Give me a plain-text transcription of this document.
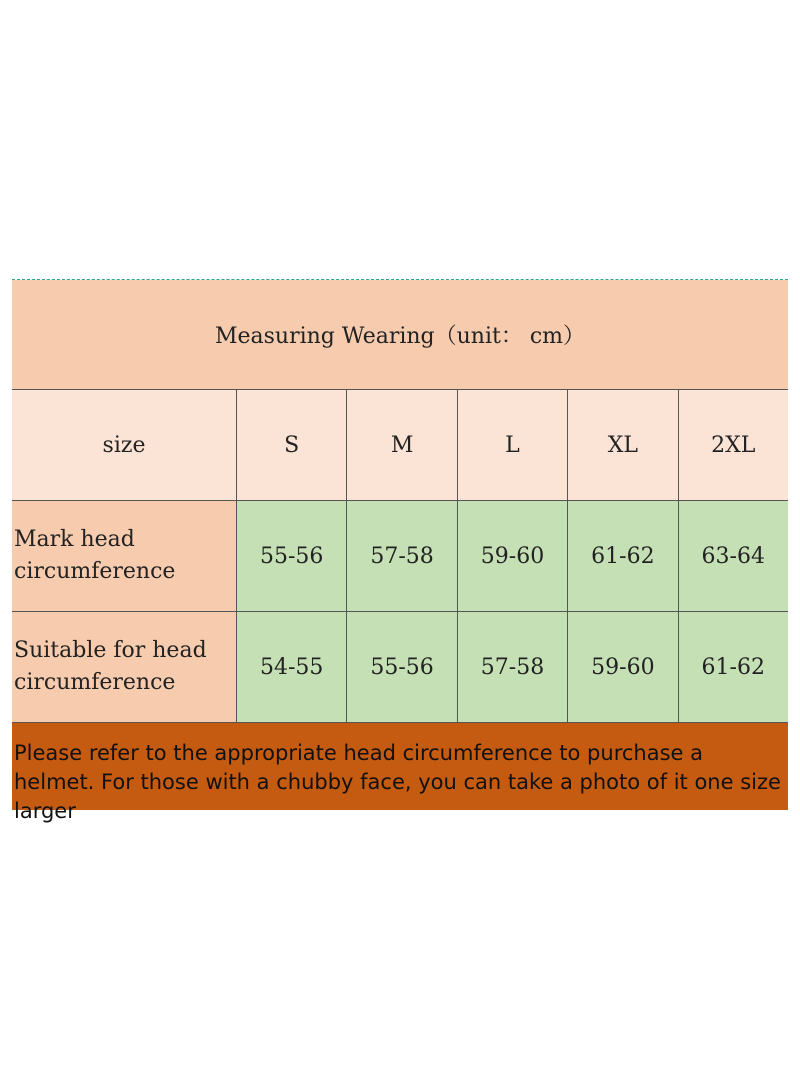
Measuring Wearing（unit： cm）
size	S	M	L	XL	2XL
Mark head
circumference
55-56	57-58	59-60	61-62	63-64
Suitable for head
circumference
54-55	55-56	57-58	59-60	61-62
Please refer to the appropriate head circumference to purchase a helmet. For those with a chubby face, you can take a photo of it one size larger
